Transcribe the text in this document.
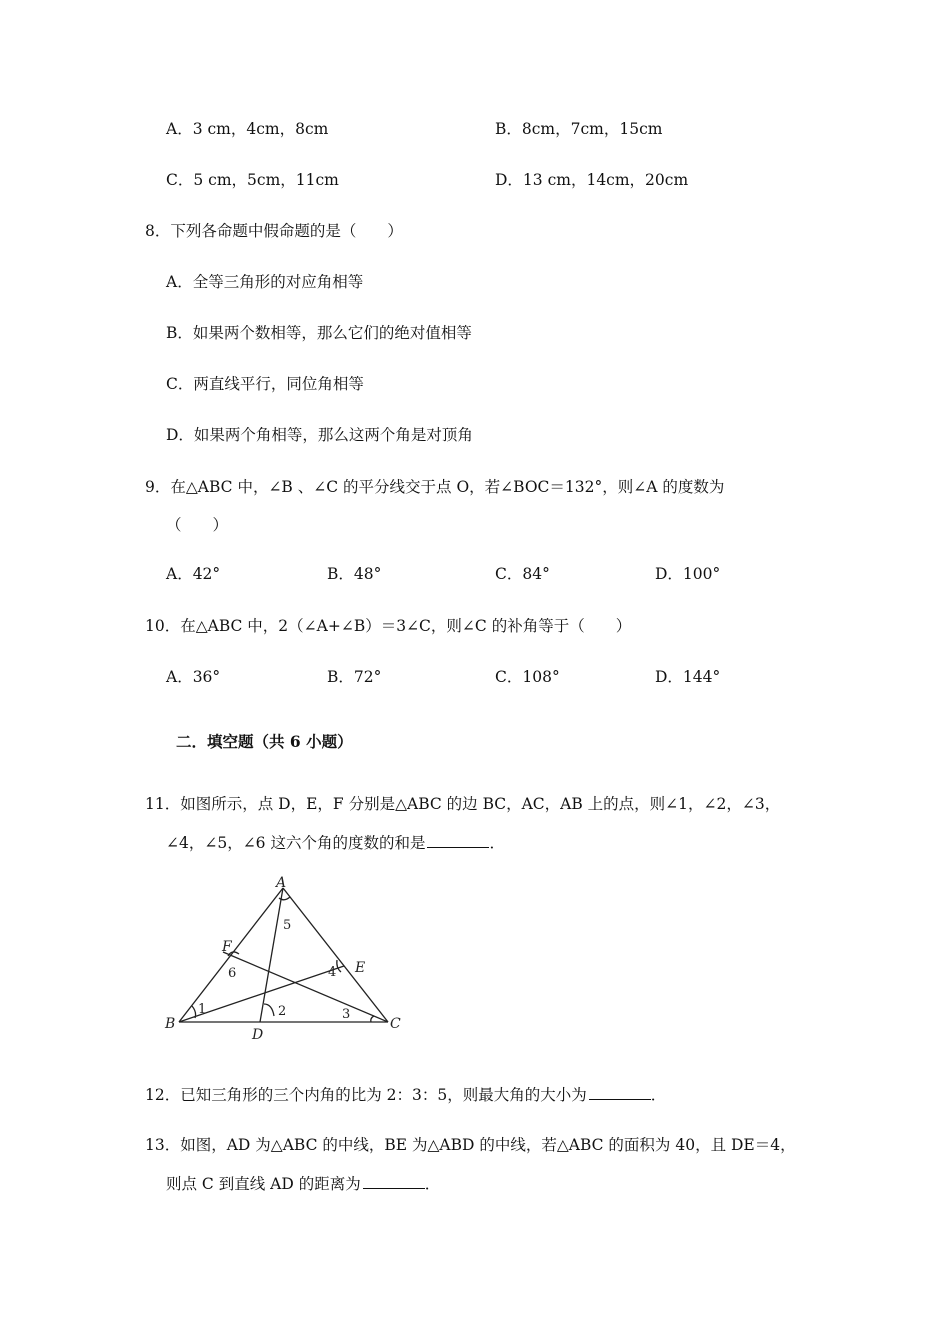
A．3 cm，4cm，8cm	B．8cm，7cm，15cm
C．5 cm，5cm，11cm	D．13 cm，14cm，20cm
8．下列各命题中假命题的是（　　）
A．全等三角形的对应角相等
B．如果两个数相等，那么它们的绝对值相等
C．两直线平行，同位角相等
D．如果两个角相等，那么这两个角是对顶角
9．在△ABC 中，∠B 、∠C 的平分线交于点 O，若∠BOC＝132°，则∠A 的度数为
（　　）
A．42°	B．48°	C．84°	D．100°
10．在△ABC 中，2（∠A+∠B）＝3∠C，则∠C 的补角等于（　　）
A．36°	B．72°	C．108°	D．144°
二．填空题（共 6 小题）
11．如图所示，点 D，E，F 分别是△ABC 的边 BC，AC，AB 上的点，则∠1，∠2，∠3，
∠4，∠5，∠6 这六个角的度数的和是	．
A
B	C
D
E
F
1	2	3
4
5
6
12．已知三角形的三个内角的比为 2：3：5，则最大角的大小为	．
13．如图，AD 为△ABC 的中线，BE 为△ABD 的中线，若△ABC 的面积为 40，且 DE＝4，
则点 C 到直线 AD 的距离为	．
